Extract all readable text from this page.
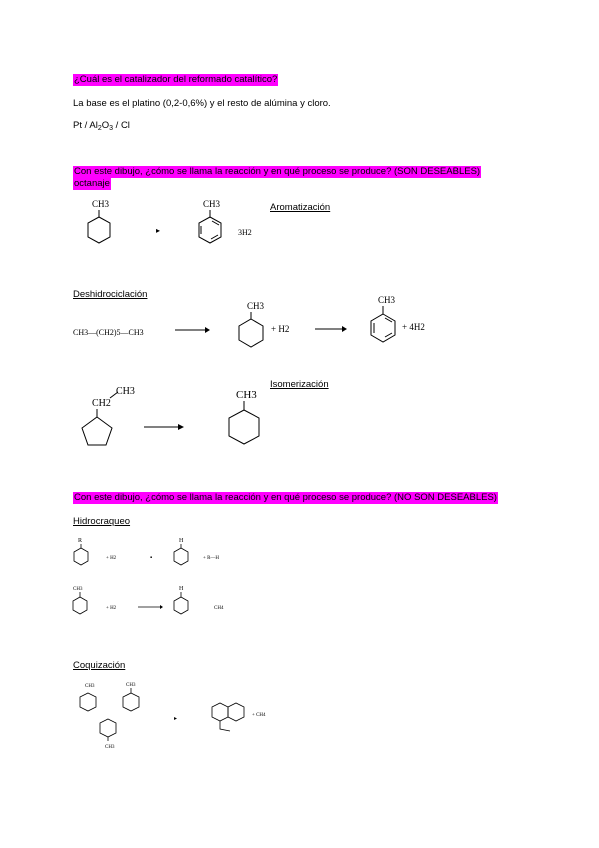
¿Cuál es el catalizador del reformado catalítico?
La base es el platino (0,2-0,6%) y el resto de alúmina y cloro.
Pt / $Al_2O_3$ / Cl
Con este dibujo, ¿cómo se llama la reacción y en qué proceso se produce? (SON DESEABLES)
octanaje
CH3
▸
CH3
3H2
Aromatización
Deshidrociclación
CH3—(CH2)5—CH3
CH3
+ H2
CH3
+ 4H2
Isomerización
CH3
CH2
CH3
Con este dibujo, ¿cómo se llama la reacción y en qué proceso se produce? (NO SON DESEABLES)
Hidrocraqueo
R
+ H2	▪
H
+ R—H
CH3
+ H2
H
CH4
Coquización
CH3	CH3
CH3
▸
+ CH4
